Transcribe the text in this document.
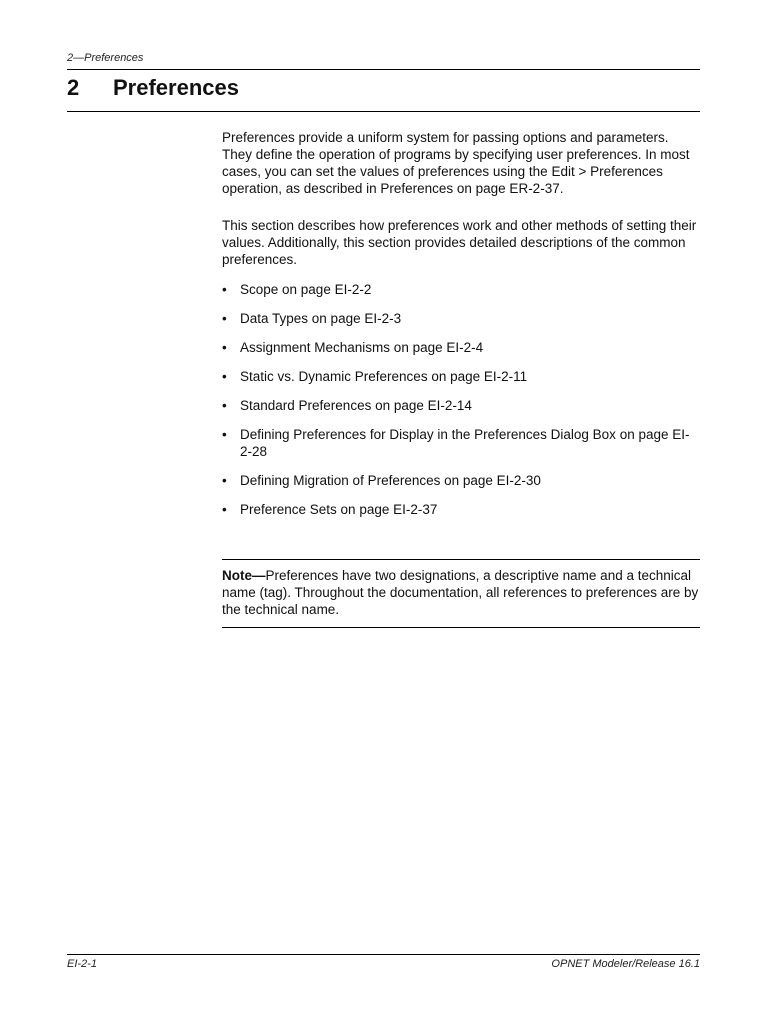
2—Preferences
2 Preferences

Preferences provide a uniform system for passing options and parameters. They define the operation of programs by specifying user preferences. In most cases, you can set the values of preferences using the Edit > Preferences operation, as described in Preferences on page ER-2-37.

This section describes how preferences work and other methods of setting their values. Additionally, this section provides detailed descriptions of the common preferences.

• Scope on page EI-2-2
• Data Types on page EI-2-3
• Assignment Mechanisms on page EI-2-4
• Static vs. Dynamic Preferences on page EI-2-11
• Standard Preferences on page EI-2-14
• Defining Preferences for Display in the Preferences Dialog Box on page EI-2-28
• Defining Migration of Preferences on page EI-2-30
• Preference Sets on page EI-2-37
Note—Preferences have two designations, a descriptive name and a technical name (tag). Throughout the documentation, all references to preferences are by the technical name.
EI-2-1	OPNET Modeler/Release 16.1
